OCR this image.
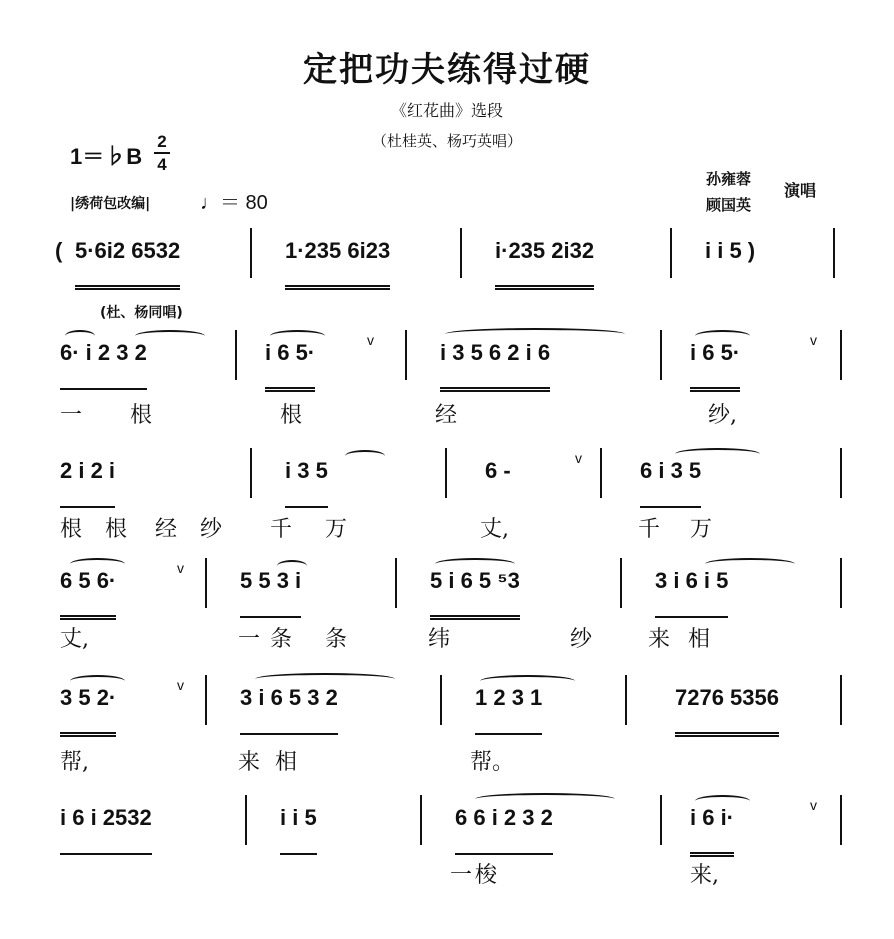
定把功夫练得过硬
《红花曲》选段
（杜桂英、杨巧英唱）
1＝♭B
2
4
|绣荷包改编| ♩＝ 80
孙雍蓉
顾国英
演唱
( 5·6i2 6532	1·235 6i23	i·235 2i32	i i 5 )
(杜、杨同唱)
6· i 2 3 2	i 6 5·	v	i 3 5 6 2 i 6	i 6 5·	v
一 根	根	经	纱,
2 i 2 i	i 3 5	6 -	v	6 i 3 5
根 根 经 纱 千 万	丈,	千 万
6 5 6·	v	5 5 3 i	5 i 6 5 ⁵3	3 i 6 i 5
丈,	一 条 条	纬	纱	来 相
3 5 2·	v	3 i 6 5 3 2	1 2 3 1	7276 5356
帮,	来 相	帮。
i 6 i 2532	i i 5	6 6 i 2 3 2	i 6 i·	v
一 梭	来,
